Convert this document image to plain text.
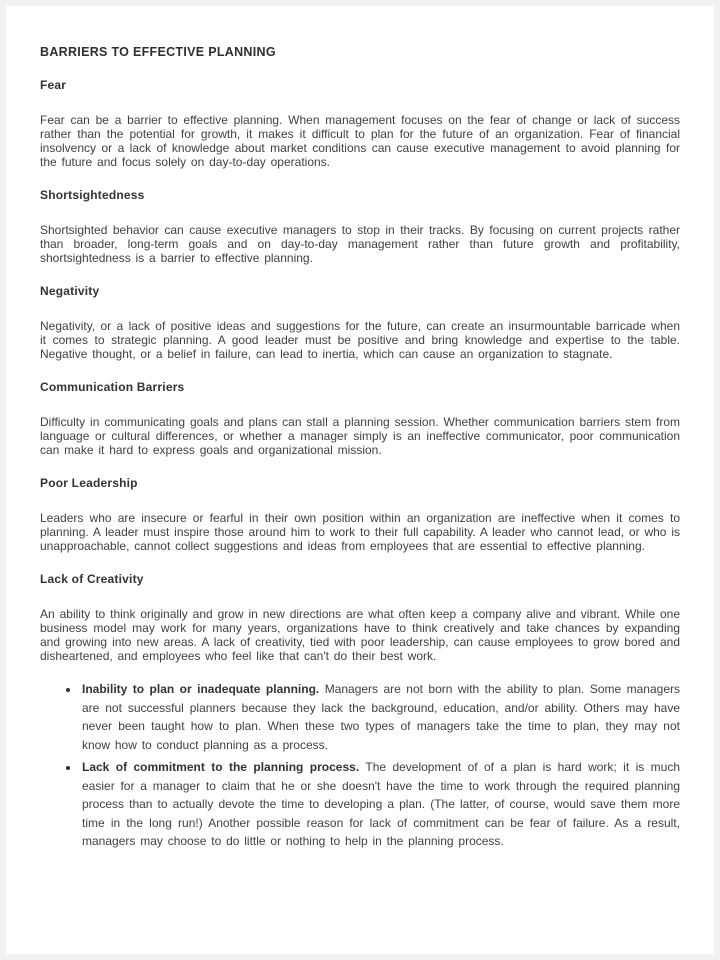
BARRIERS TO EFFECTIVE PLANNING
Fear

Fear can be a barrier to effective planning. When management focuses on the fear of change or lack of success rather than the potential for growth, it makes it difficult to plan for the future of an organization. Fear of financial insolvency or a lack of knowledge about market conditions can cause executive management to avoid planning for the future and focus solely on day-to-day operations.

Shortsightedness

Shortsighted behavior can cause executive managers to stop in their tracks. By focusing on current projects rather than broader, long-term goals and on day-to-day management rather than future growth and profitability, shortsightedness is a barrier to effective planning.

Negativity

Negativity, or a lack of positive ideas and suggestions for the future, can create an insurmountable barricade when it comes to strategic planning. A good leader must be positive and bring knowledge and expertise to the table. Negative thought, or a belief in failure, can lead to inertia, which can cause an organization to stagnate.

Communication Barriers

Difficulty in communicating goals and plans can stall a planning session. Whether communication barriers stem from language or cultural differences, or whether a manager simply is an ineffective communicator, poor communication can make it hard to express goals and organizational mission.

Poor Leadership

Leaders who are insecure or fearful in their own position within an organization are ineffective when it comes to planning. A leader must inspire those around him to work to their full capability. A leader who cannot lead, or who is unapproachable, cannot collect suggestions and ideas from employees that are essential to effective planning.

Lack of Creativity

An ability to think originally and grow in new directions are what often keep a company alive and vibrant. While one business model may work for many years, organizations have to think creatively and take chances by expanding and growing into new areas. A lack of creativity, tied with poor leadership, can cause employees to grow bored and disheartened, and employees who feel like that can't do their best work.

• Inability to plan or inadequate planning. Managers are not born with the ability to plan. Some managers are not successful planners because they lack the background, education, and/or ability. Others may have never been taught how to plan. When these two types of managers take the time to plan, they may not know how to conduct planning as a process.
• Lack of commitment to the planning process. The development of of a plan is hard work; it is much easier for a manager to claim that he or she doesn't have the time to work through the required planning process than to actually devote the time to developing a plan. (The latter, of course, would save them more time in the long run!) Another possible reason for lack of commitment can be fear of failure. As a result, managers may choose to do little or nothing to help in the planning process.
